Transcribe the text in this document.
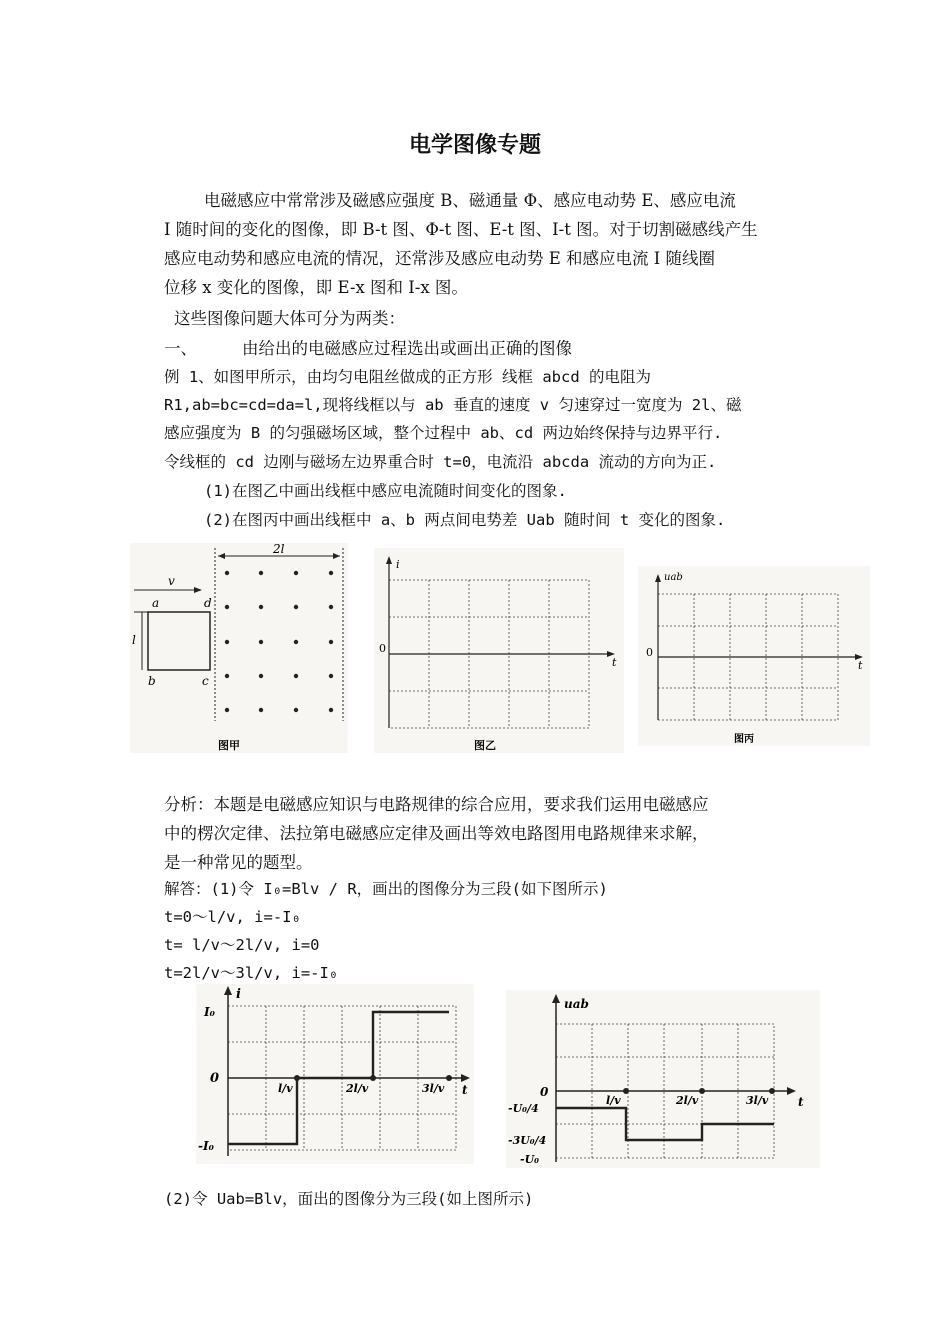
电学图像专题
电磁感应中常常涉及磁感应强度 B、磁通量 Φ、感应电动势 E、感应电流
I 随时间的变化的图像，即 B-t 图、Φ-t 图、E-t 图、I-t 图。对于切割磁感线产生
感应电动势和感应电流的情况，还常涉及感应电动势 E 和感应电流 I 随线圈
位移 x 变化的图像，即 E-x 图和 I-x 图。
这些图像问题大体可分为两类：
一、	由给出的电磁感应过程选出或画出正确的图像
例 1、如图甲所示，由均匀电阻丝做成的正方形 线框 abcd 的电阻为
R1,ab=bc=cd=da=l,现将线框以与 ab 垂直的速度 v 匀速穿过一宽度为 2l、磁
感应强度为 B 的匀强磁场区域，整个过程中 ab、cd 两边始终保持与边界平行.
令线框的 cd 边刚与磁场左边界重合时 t=0，电流沿 abcda 流动的方向为正.
(1)在图乙中画出线框中感应电流随时间变化的图象.
(2)在图丙中画出线框中 a、b 两点间电势差 Uab 随时间 t 变化的图象.
2l
v
l
a	d
b	c
图甲
i
t
0
图乙
uab
t
0
图丙
分析：本题是电磁感应知识与电路规律的综合应用，要求我们运用电磁感应
中的楞次定律、法拉第电磁感应定律及画出等效电路图用电路规律来求解，
是一种常见的题型。
解答：(1)令 I₀=Blv / R，画出的图像分为三段(如下图所示)
t=0～l/v, i=-I₀
t= l/v～2l/v, i=0
t=2l/v～3l/v, i=-I₀
i
t
0
I₀
-I₀
l/v	2l/v	3l/v
uab
t
0
-U₀/4
-3U₀/4
-U₀
l/v	2l/v	3l/v
(2)令 Uab=Blv，面出的图像分为三段(如上图所示)
